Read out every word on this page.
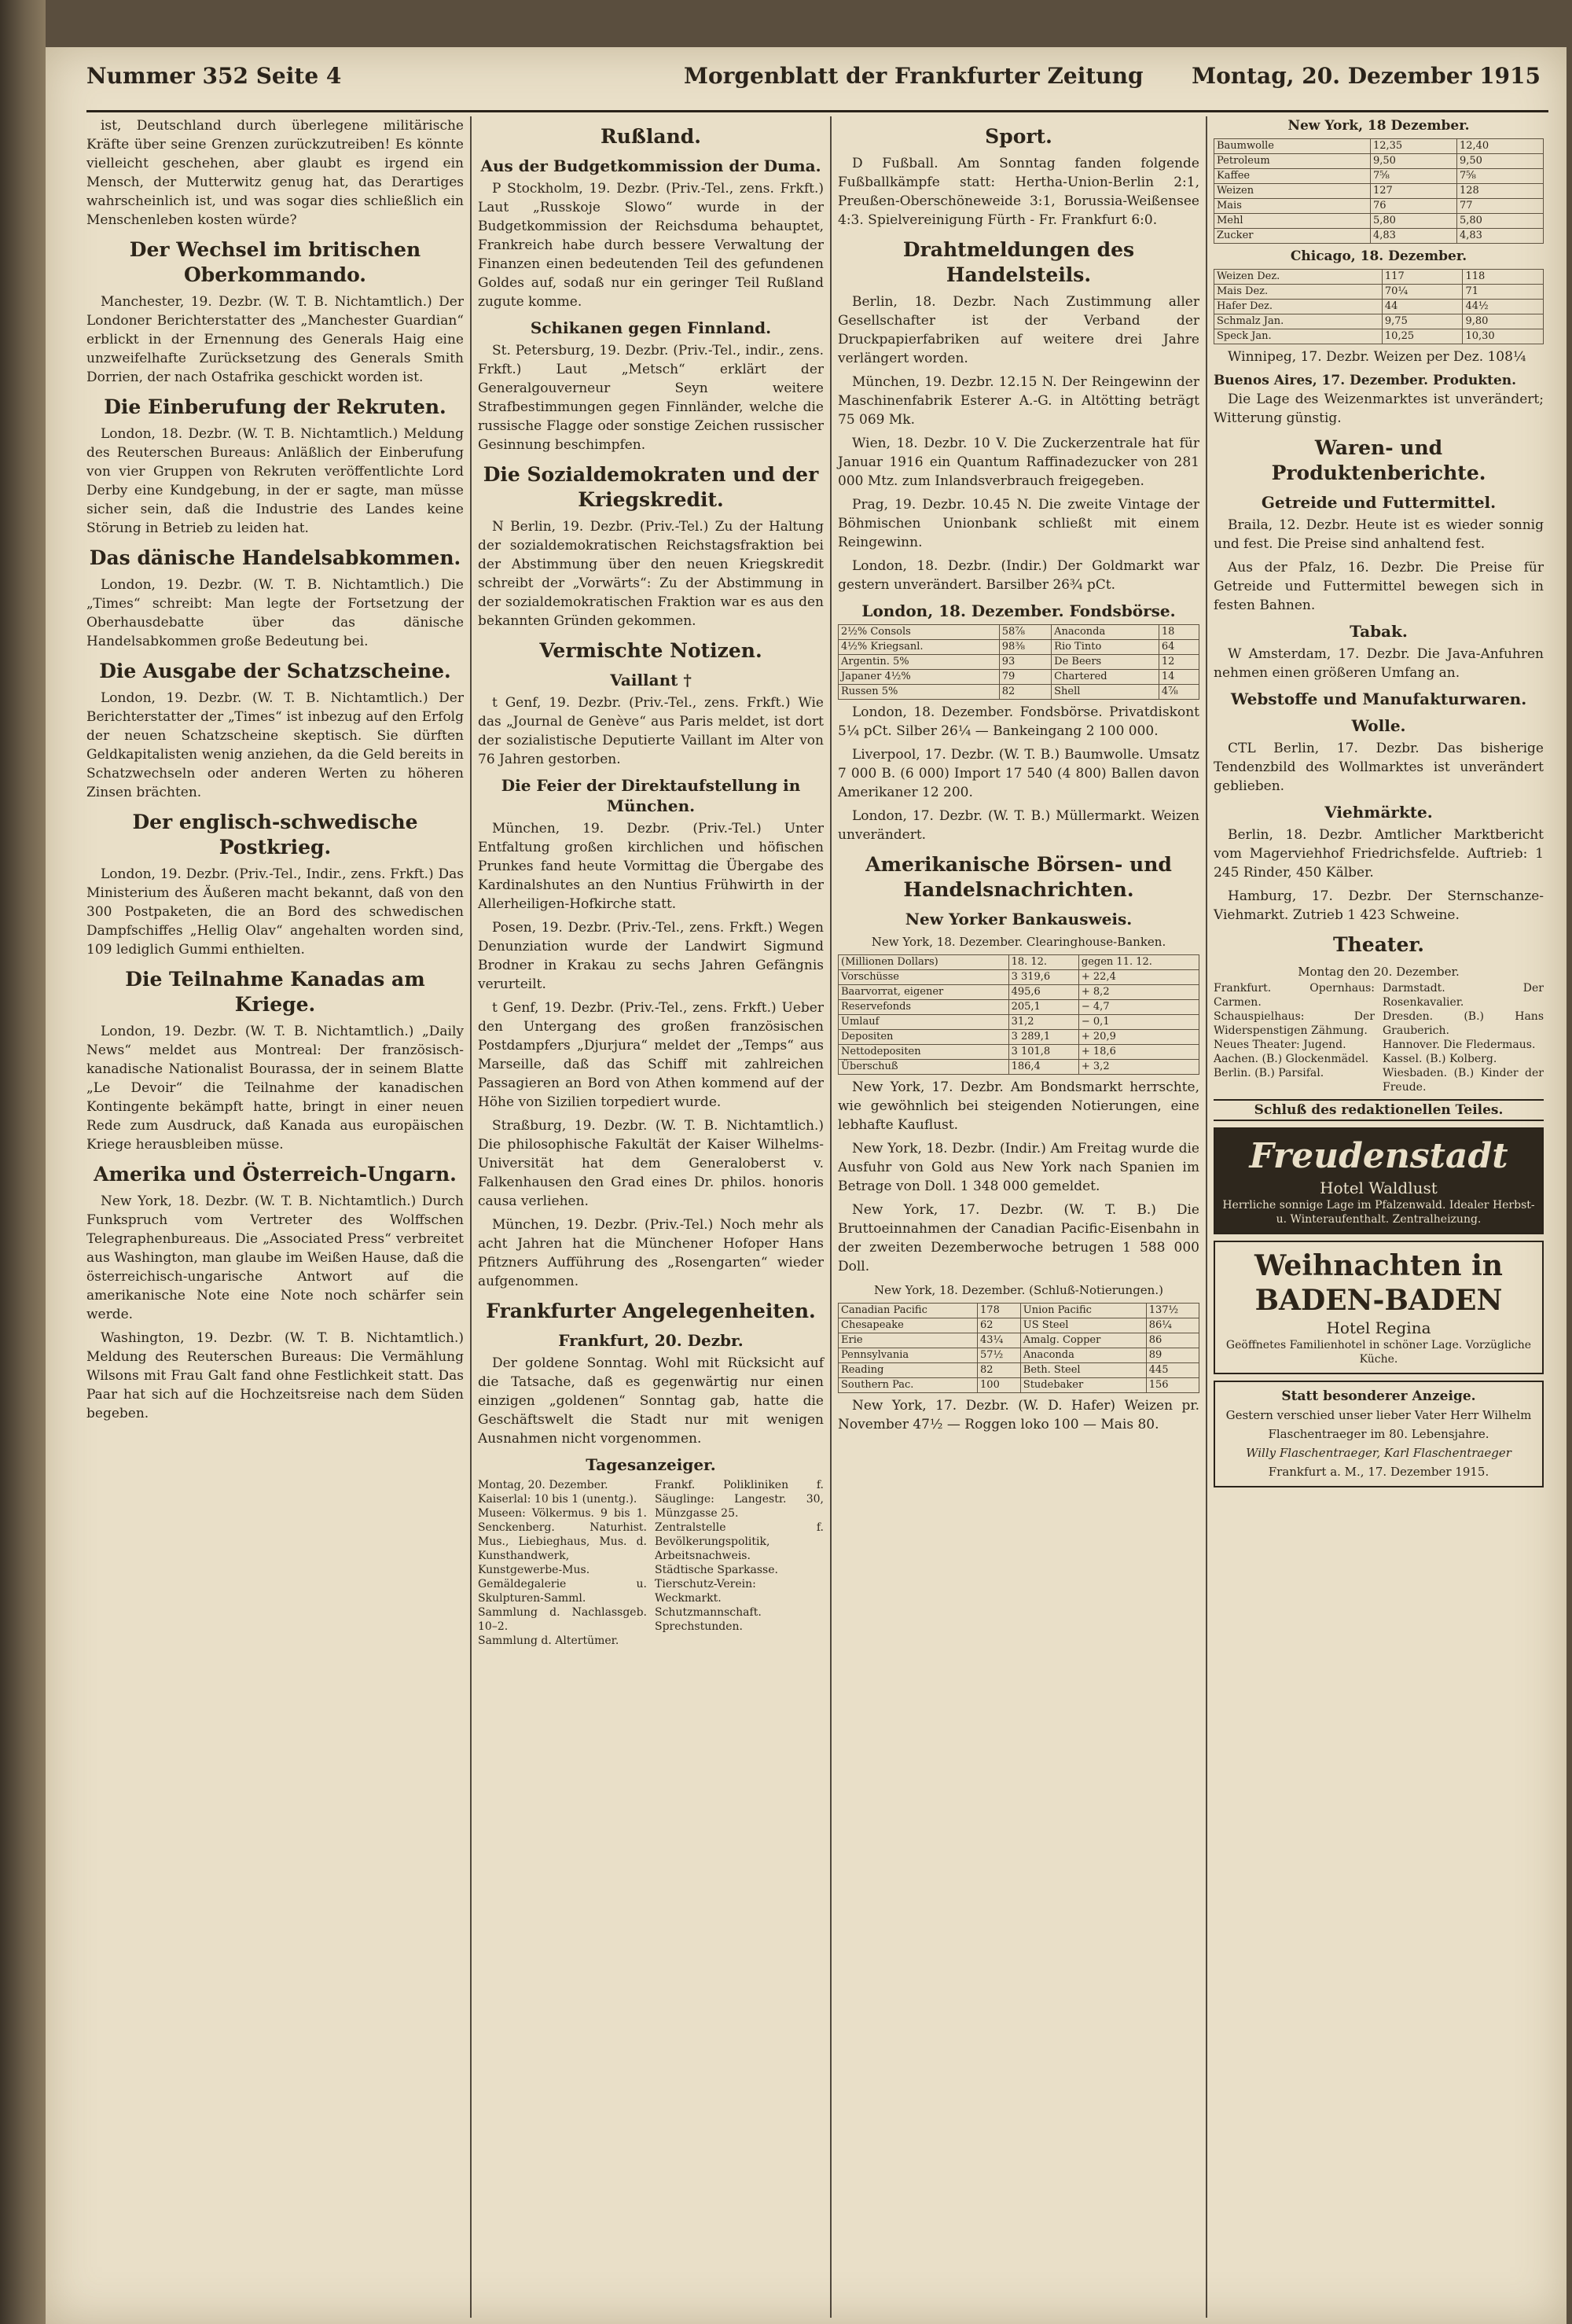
Nummer 352 Seite 4	Morgenblatt der Frankfurter Zeitung Montag, 20. Dezember 1915

ist, Deutschland durch überlegene militärische Kräfte über seine Grenzen zurückzutreiben! Es könnte vielleicht geschehen, aber glaubt es irgend ein Mensch, der Mutterwitz genug hat, das Derartiges wahrscheinlich ist, und was sogar dies schließlich ein Menschenleben kosten würde?

Der Wechsel im britischen Oberkommando.

Manchester, 19. Dezbr. (W. T. B. Nichtamtlich.) Der Londoner Berichterstatter des „Manchester Guardian“ erblickt in der Ernennung des Generals Haig eine unzweifelhafte Zurücksetzung des Generals Smith Dorrien, der nach Ostafrika geschickt worden ist.

Die Einberufung der Rekruten.

London, 18. Dezbr. (W. T. B. Nichtamtlich.) Meldung des Reuterschen Bureaus: Anläßlich der Einberufung von vier Gruppen von Rekruten veröffentlichte Lord Derby eine Kundgebung, in der er sagte, man müsse sicher sein, daß die Industrie des Landes keine Störung in Betrieb zu leiden hat.

Das dänische Handelsabkommen.

London, 19. Dezbr. (W. T. B. Nichtamtlich.) Die „Times“ schreibt: Man legte der Fortsetzung der Oberhausdebatte über das dänische Handelsabkommen große Bedeutung bei.

Die Ausgabe der Schatzscheine.

London, 19. Dezbr. (W. T. B. Nichtamtlich.) Der Berichterstatter der „Times“ ist inbezug auf den Erfolg der neuen Schatzscheine skeptisch. Sie dürften Geldkapitalisten wenig anziehen, da die Geld bereits in Schatzwechseln oder anderen Werten zu höheren Zinsen brächten.

Der englisch-schwedische Postkrieg.

London, 19. Dezbr. (Priv.-Tel., Indir., zens. Frkft.) Das Ministerium des Äußeren macht bekannt, daß von den 300 Postpaketen, die an Bord des schwedischen Dampfschiffes „Hellig Olav“ angehalten worden sind, 109 lediglich Gummi enthielten.

Die Teilnahme Kanadas am Kriege.

London, 19. Dezbr. (W. T. B. Nichtamtlich.) „Daily News“ meldet aus Montreal: Der französisch-kanadische Nationalist Bourassa, der in seinem Blatte „Le Devoir“ die Teilnahme der kanadischen Kontingente bekämpft hatte, bringt in einer neuen Rede zum Ausdruck, daß Kanada aus europäischen Kriege herausbleiben müsse.

Amerika und Österreich-Ungarn.

New York, 18. Dezbr. (W. T. B. Nichtamtlich.) Durch Funkspruch vom Vertreter des Wolffschen Telegraphenbureaus. Die „Associated Press“ verbreitet aus Washington, man glaube im Weißen Hause, daß die österreichisch-ungarische Antwort auf die amerikanische Note eine Note noch schärfer sein werde.

Washington, 19. Dezbr. (W. T. B. Nichtamtlich.) Meldung des Reuterschen Bureaus: Die Vermählung Wilsons mit Frau Galt fand ohne Festlichkeit statt. Das Paar hat sich auf die Hochzeitsreise nach dem Süden begeben.

Rußland.
Aus der Budgetkommission der Duma.

P Stockholm, 19. Dezbr. (Priv.-Tel., zens. Frkft.) Laut „Russkoje Slowo“ wurde in der Budgetkommission der Reichsduma behauptet, Frankreich habe durch bessere Verwaltung der Finanzen einen bedeutenden Teil des gefundenen Goldes auf, sodaß nur ein geringer Teil Rußland zugute komme.

Schikanen gegen Finnland.

St. Petersburg, 19. Dezbr. (Priv.-Tel., indir., zens. Frkft.) Laut „Metsch“ erklärt der Generalgouverneur Seyn weitere Strafbestimmungen gegen Finnländer, welche die russische Flagge oder sonstige Zeichen russischer Gesinnung beschimpfen.

Die Sozialdemokraten und der Kriegskredit.

N Berlin, 19. Dezbr. (Priv.-Tel.) Zu der Haltung der sozialdemokratischen Reichstagsfraktion bei der Abstimmung über den neuen Kriegskredit schreibt der „Vorwärts“: Zu der Abstimmung in der sozialdemokratischen Fraktion war es aus den bekannten Gründen gekommen.

Vermischte Notizen.
Vaillant †

t Genf, 19. Dezbr. (Priv.-Tel., zens. Frkft.) Wie das „Journal de Genève“ aus Paris meldet, ist dort der sozialistische Deputierte Vaillant im Alter von 76 Jahren gestorben.

Die Feier der Direktaufstellung in München.

München, 19. Dezbr. (Priv.-Tel.) Unter Entfaltung großen kirchlichen und höfischen Prunkes fand heute Vormittag die Übergabe des Kardinalshutes an den Nuntius Frühwirth in der Allerheiligen-Hofkirche statt.

Posen, 19. Dezbr. (Priv.-Tel., zens. Frkft.) Wegen Denunziation wurde der Landwirt Sigmund Brodner in Krakau zu sechs Jahren Gefängnis verurteilt.

t Genf, 19. Dezbr. (Priv.-Tel., zens. Frkft.) Ueber den Untergang des großen französischen Postdampfers „Djurjura“ meldet der „Temps“ aus Marseille, daß das Schiff mit zahlreichen Passagieren an Bord von Athen kommend auf der Höhe von Sizilien torpediert wurde.

Straßburg, 19. Dezbr. (W. T. B. Nichtamtlich.) Die philosophische Fakultät der Kaiser Wilhelms-Universität hat dem Generaloberst v. Falkenhausen den Grad eines Dr. philos. honoris causa verliehen.

München, 19. Dezbr. (Priv.-Tel.) Noch mehr als acht Jahren hat die Münchener Hofoper Hans Pfitzners Aufführung des „Rosengarten“ wieder aufgenommen.

Frankfurter Angelegenheiten.
Frankfurt, 20. Dezbr.

Der goldene Sonntag. Wohl mit Rücksicht auf die Tatsache, daß es gegenwärtig nur einen einzigen „goldenen“ Sonntag gab, hatte die Geschäftswelt die Stadt nur mit wenigen Ausnahmen nicht vorgenommen.

Tagesanzeiger.
Montag, 20. Dezember.
Kaiserlal: 10 bis 1 (unentg.).
Museen: Völkermus. 9 bis 1. Senckenberg. Naturhist. Mus., Liebieghaus, Mus. d. Kunsthandwerk, Kunstgewerbe-Mus.
Gemäldegalerie u. Skulpturen-Samml.
Sammlung d. Nachlassgeb. 10–2.
Sammlung d. Altertümer.
Frankf. Polikliniken f. Säuglinge: Langestr. 30, Münzgasse 25.
Zentralstelle f. Bevölkerungspolitik, Arbeitsnachweis.
Städtische Sparkasse.
Tierschutz-Verein: Weckmarkt.
Schutzmannschaft.
Sprechstunden.
Sport.

D Fußball. Am Sonntag fanden folgende Fußballkämpfe statt: Hertha-Union-Berlin 2:1, Preußen-Oberschöneweide 3:1, Borussia-Weißensee 4:3. Spielvereinigung Fürth - Fr. Frankfurt 6:0.

Drahtmeldungen des Handelsteils.

Berlin, 18. Dezbr. Nach Zustimmung aller Gesellschafter ist der Verband der Druckpapierfabriken auf weitere drei Jahre verlängert worden.

München, 19. Dezbr. 12.15 N. Der Reingewinn der Maschinenfabrik Esterer A.-G. in Altötting beträgt 75 069 Mk.

Wien, 18. Dezbr. 10 V. Die Zuckerzentrale hat für Januar 1916 ein Quantum Raffinadezucker von 281 000 Mtz. zum Inlandsverbrauch freigegeben.

Prag, 19. Dezbr. 10.45 N. Die zweite Vintage der Böhmischen Unionbank schließt mit einem Reingewinn.

London, 18. Dezbr. (Indir.) Der Goldmarkt war gestern unverändert. Barsilber 26¾ pCt.

London, 18. Dezember. Fondsbörse.
2½% Consols	58⅞	Anaconda	18
4½% Kriegsanl.	98⅜	Rio Tinto	64
Argentin. 5%	93	De Beers	12
Japaner 4½%	79	Chartered	14
Russen 5%	82	Shell	4⅞

London, 18. Dezember. Fondsbörse. Privatdiskont 5¼ pCt. Silber 26¼ — Bankeingang 2 100 000.

Liverpool, 17. Dezbr. (W. T. B.) Baumwolle. Umsatz 7 000 B. (6 000) Import 17 540 (4 800) Ballen davon Amerikaner 12 200.

London, 17. Dezbr. (W. T. B.) Müllermarkt. Weizen unverändert.

Amerikanische Börsen- und Handelsnachrichten.
New Yorker Bankausweis.
New York, 18. Dezember. Clearinghouse-Banken.
(Millionen Dollars)	18. 12.	gegen 11. 12.
Vorschüsse	3 319,6	+ 22,4
Baarvorrat, eigener	495,6	+ 8,2
Reservefonds	205,1	− 4,7
Umlauf	31,2	− 0,1
Depositen	3 289,1	+ 20,9
Nettodepositen	3 101,8	+ 18,6
Überschuß	186,4	+ 3,2

New York, 17. Dezbr. Am Bondsmarkt herrschte, wie gewöhnlich bei steigenden Notierungen, eine lebhafte Kauflust.

New York, 18. Dezbr. (Indir.) Am Freitag wurde die Ausfuhr von Gold aus New York nach Spanien im Betrage von Doll. 1 348 000 gemeldet.

New York, 17. Dezbr. (W. T. B.) Die Bruttoeinnahmen der Canadian Pacific-Eisenbahn in der zweiten Dezemberwoche betrugen 1 588 000 Doll.

New York, 18. Dezember. (Schluß-Notierungen.)
Canadian Pacific	178	Union Pacific	137½
Chesapeake	62	US Steel	86¼
Erie	43¼	Amalg. Copper	86
Pennsylvania	57½	Anaconda	89
Reading	82	Beth. Steel	445
Southern Pac.	100	Studebaker	156

New York, 17. Dezbr. (W. D. Hafer) Weizen pr. November 47½ — Roggen loko 100 — Mais 80.

New York, 18 Dezember.
Baumwolle	12,35	12,40
Petroleum	9,50	9,50
Kaffee	7⅝	7⅝
Weizen	127	128
Mais	76	77
Mehl	5,80	5,80
Zucker	4,83	4,83
Chicago, 18. Dezember.
Weizen Dez.	117	118
Mais Dez.	70¼	71
Hafer Dez.	44	44½
Schmalz Jan.	9,75	9,80
Speck Jan.	10,25	10,30

Winnipeg, 17. Dezbr. Weizen per Dez. 108¼

Buenos Aires, 17. Dezember. Produkten.

Die Lage des Weizenmarktes ist unverändert; Witterung günstig.

Waren- und Produktenberichte.
Getreide und Futtermittel.

Braila, 12. Dezbr. Heute ist es wieder sonnig und fest. Die Preise sind anhaltend fest.

Aus der Pfalz, 16. Dezbr. Die Preise für Getreide und Futtermittel bewegen sich in festen Bahnen.

Tabak.

W Amsterdam, 17. Dezbr. Die Java-Anfuhren nehmen einen größeren Umfang an.

Webstoffe und Manufakturwaren.
Wolle.

CTL Berlin, 17. Dezbr. Das bisherige Tendenzbild des Wollmarktes ist unverändert geblieben.

Viehmärkte.

Berlin, 18. Dezbr. Amtlicher Marktbericht vom Magerviehhof Friedrichsfelde. Auftrieb: 1 245 Rinder, 450 Kälber.

Hamburg, 17. Dezbr. Der Sternschanze-Viehmarkt. Zutrieb 1 423 Schweine.

Theater.
Montag den 20. Dezember.
Frankfurt. Opernhaus: Carmen.
Schauspielhaus: Der Widerspenstigen Zähmung.
Neues Theater: Jugend.
Aachen. (B.) Glockenmädel.
Berlin. (B.) Parsifal.
Darmstadt. Der Rosenkavalier.
Dresden. (B.) Hans Grauberich.
Hannover. Die Fledermaus.
Kassel. (B.) Kolberg.
Wiesbaden. (B.) Kinder der Freude.
Schluß des redaktionellen Teiles.
Freudenstadt
Hotel Waldlust
Herrliche sonnige Lage im Pfalzenwald. Idealer Herbst- u. Winteraufenthalt. Zentralheizung.
Weihnachten in BADEN-BADEN
Hotel Regina
Geöffnetes Familienhotel in schöner Lage. Vorzügliche Küche.
Statt besonderer Anzeige.
Gestern verschied unser lieber Vater Herr Wilhelm Flaschentraeger im 80. Lebensjahre.
Willy Flaschentraeger, Karl Flaschentraeger
Frankfurt a. M., 17. Dezember 1915.
